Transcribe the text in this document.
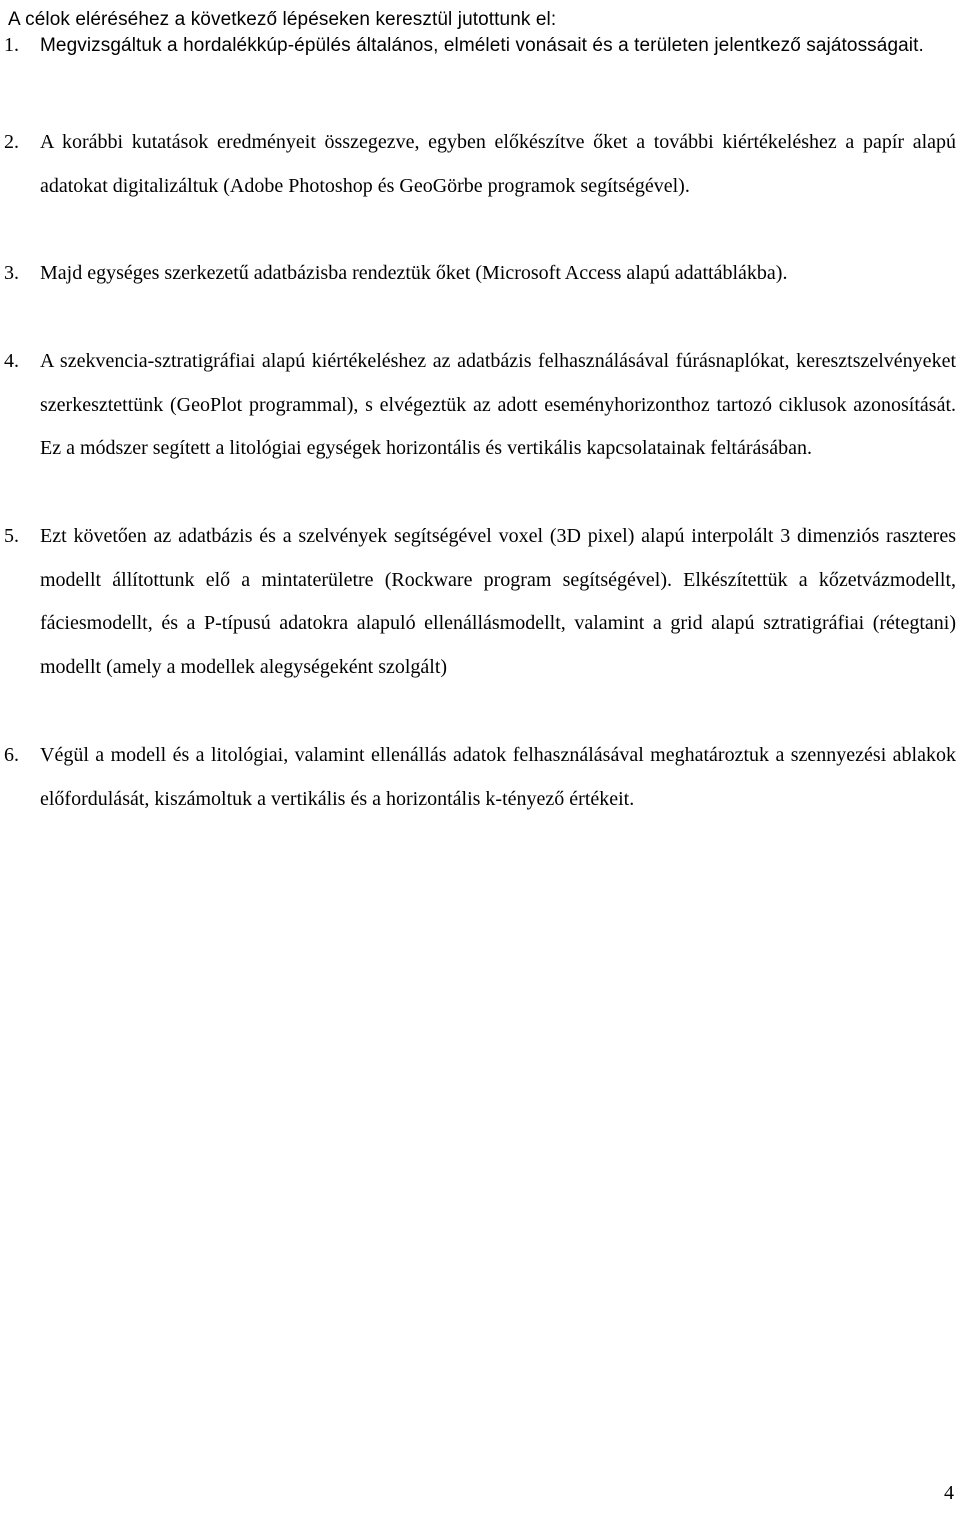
A célok eléréséhez a következő lépéseken keresztül jutottunk el:
1. Megvizsgáltuk a hordalékkúp-épülés általános, elméleti vonásait és a területen jelentkező sajátosságait.
2. A korábbi kutatások eredményeit összegezve, egyben előkészítve őket a további kiértékeléshez a papír alapú adatokat digitalizáltuk (Adobe Photoshop és GeoGörbe programok segítségével).
3. Majd egységes szerkezetű adatbázisba rendeztük őket (Microsoft Access alapú adattáblákba).
4. A szekvencia-sztratigráfiai alapú kiértékeléshez az adatbázis felhasználásával fúrásnaplókat, keresztszelvényeket szerkesztettünk (GeoPlot programmal), s elvégeztük az adott eseményhorizonthoz tartozó ciklusok azonosítását. Ez a módszer segített a litológiai egységek horizontális és vertikális kapcsolatainak feltárásában.
5. Ezt követően az adatbázis és a szelvények segítségével voxel (3D pixel) alapú interpolált 3 dimenziós raszteres modellt állítottunk elő a mintaterületre (Rockware program segítségével). Elkészítettük a kőzetvázmodellt, fáciesmodellt, és a P-típusú adatokra alapuló ellenállásmodellt, valamint a grid alapú sztratigráfiai (rétegtani) modellt (amely a modellek alegységeként szolgált)
6. Végül a modell és a litológiai, valamint ellenállás adatok felhasználásával meghatároztuk a szennyezési ablakok előfordulását, kiszámoltuk a vertikális és a horizontális k-tényező értékeit.
4
